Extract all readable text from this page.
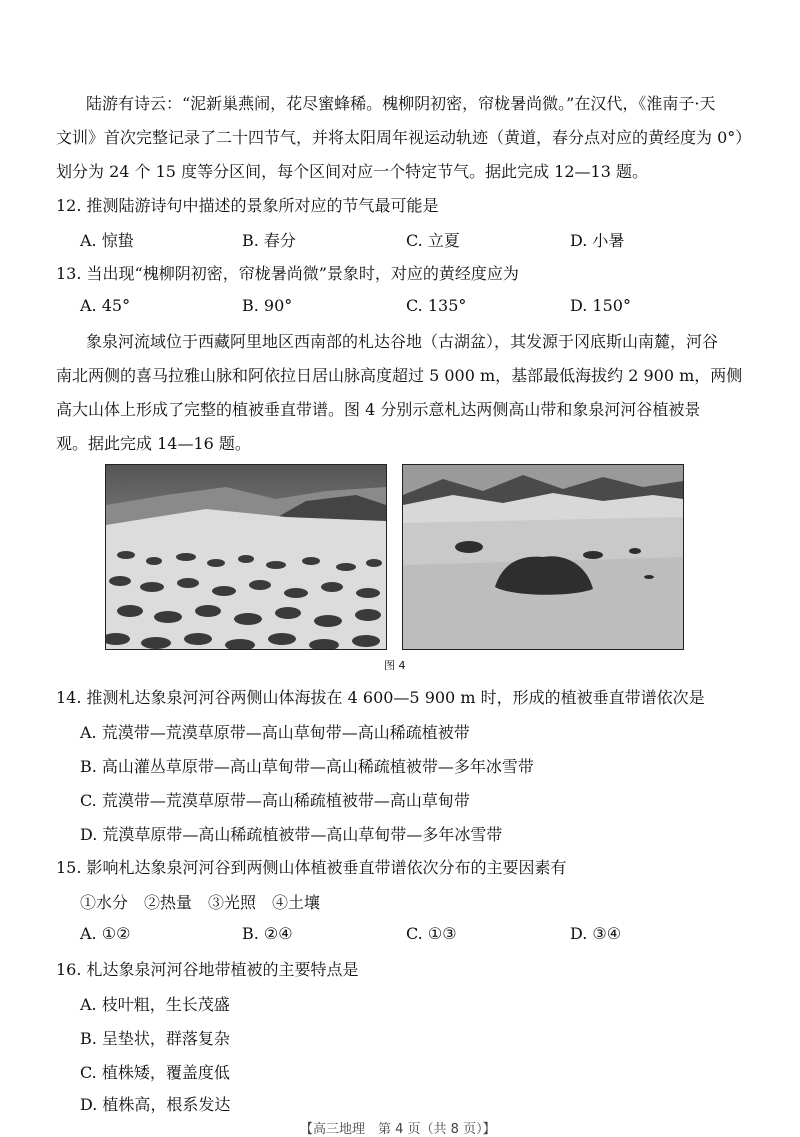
陆游有诗云：“泥新巢燕闹，花尽蜜蜂稀。槐柳阴初密，帘栊暑尚微。”在汉代，《淮南子·天
文训》首次完整记录了二十四节气，并将太阳周年视运动轨迹（黄道，春分点对应的黄经度为 0°）
划分为 24 个 15 度等分区间，每个区间对应一个特定节气。据此完成 12—13 题。
12. 推测陆游诗句中描述的景象所对应的节气最可能是
A. 惊蛰	B. 春分	C. 立夏	D. 小暑
13. 当出现“槐柳阴初密，帘栊暑尚微”景象时，对应的黄经度应为
A. 45°	B. 90°	C. 135°	D. 150°
象泉河流域位于西藏阿里地区西南部的札达谷地（古湖盆），其发源于冈底斯山南麓，河谷
南北两侧的喜马拉雅山脉和阿依拉日居山脉高度超过 5 000 m，基部最低海拔约 2 900 m，两侧
高大山体上形成了完整的植被垂直带谱。图 4 分别示意札达两侧高山带和象泉河河谷植被景
观。据此完成 14—16 题。
图 4
14. 推测札达象泉河河谷两侧山体海拔在 4 600—5 900 m 时，形成的植被垂直带谱依次是
A. 荒漠带—荒漠草原带—高山草甸带—高山稀疏植被带
B. 高山灌丛草原带—高山草甸带—高山稀疏植被带—多年冰雪带
C. 荒漠带—荒漠草原带—高山稀疏植被带—高山草甸带
D. 荒漠草原带—高山稀疏植被带—高山草甸带—多年冰雪带
15. 影响札达象泉河河谷到两侧山体植被垂直带谱依次分布的主要因素有
①水分　②热量　③光照　④土壤
A. ①②	B. ②④	C. ①③	D. ③④
16. 札达象泉河河谷地带植被的主要特点是
A. 枝叶粗，生长茂盛
B. 呈垫状，群落复杂
C. 植株矮，覆盖度低
D. 植株高，根系发达
【高三地理　第 4 页（共 8 页）】
